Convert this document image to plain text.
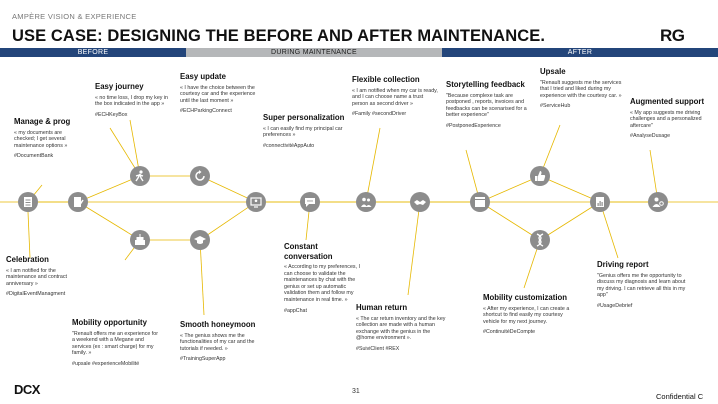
AMPÈRE VISION & EXPERIENCE
USE CASE: DESIGNING THE BEFORE AND AFTER MAINTENANCE.	RG
BEFORE	DURING MAINTENANCE	AFTER
Manage & prog
« my documents are checked; I get several maintenance options »
#DocumentBank
Easy journey
« no time loss, I drop my key in the box indicated in the app »
#ECHKeyBox
Celebration
« I am notified for the maintenance and contract anniversary »
#DigitalEventManagment
Mobility opportunity
"Renault offers me an experience for a weekend with a Megane and services (ex : smart charge) for my family. »
#upsale #experienceMobilité
Easy update
« I have the choice between the courtesy car and the experience until the last moment »
#ECHParkingConnect
Smooth honeymoon
« The genius shows me the functionalities of my car and the tutorials if needed. »
#TrainingSuperApp
Super personalization
« I can easily find my principal car preferences »
#connectivitéAppAuto
Constant conversation
« According to my preferences, I can choose to validate the maintenances by chat with the genius or set up automatic validation them and follow my maintenance in real time. »
#appChat
Flexible collection
« I am notified when my car is ready, and I can choose name a trust person as second driver »
#Family #secondDriver
Human return
« The car return inventory and the key collection are made with a human exchange with the genius in the @home environment ».
#SuiviClient #REX
Storytelling feedback
"Because complexe task are postponed , reports, invoices and feedbacks can be scenarised for a better experience"
#PostponedExperience
Upsale
"Renault suggests me the services that I tried and liked during my experience with the courtesy car. »
#ServiceHub
Mobility customization
« After my experience, I can create a shortcut to find easily my courtesy vehicle for my next journey.
#ContinuitéDeCompte
Augmented support
« My app suggests me driving challenges and a personalized aftercare"
#AnalyseDusage
Driving report
"Genius offers me the opportunity to discuss my diagnosis and learn about my driving. I can retrieve all this in my app"
#UsageDebrief
DCX	31
Confidential C
